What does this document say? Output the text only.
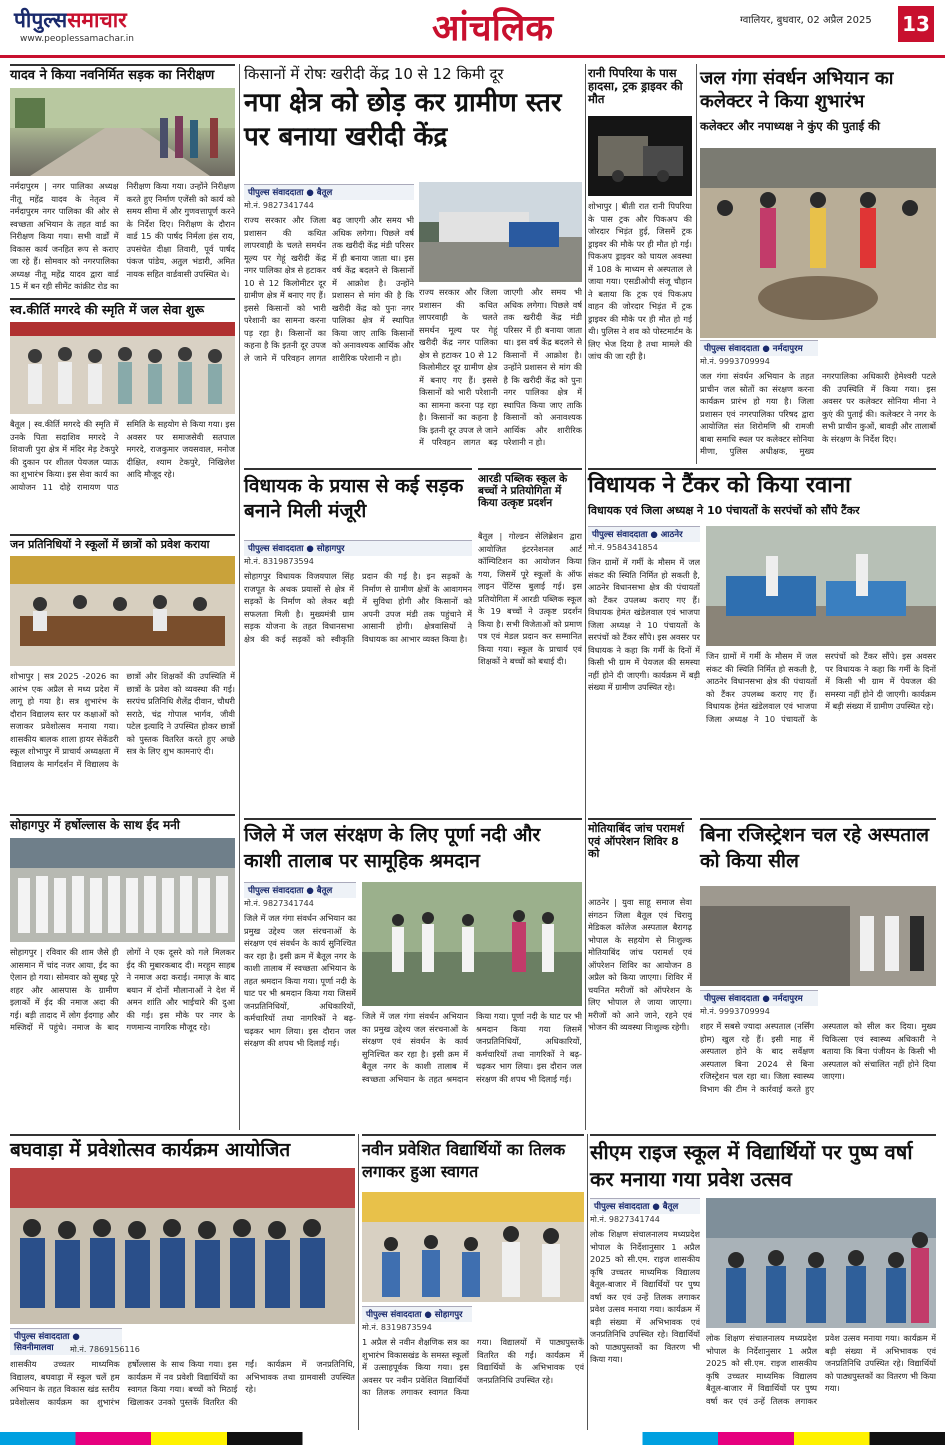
पीपुल्ससमाचार
www.peoplessamachar.in	आंचलिक	ग्वालियर, बुधवार, 02 अप्रैल 2025 13
यादव ने किया नवनिर्मित सड़क का निरीक्षण
नर्मदापुरम | नगर पालिका अध्यक्ष नीतू महेंद्र यादव के नेतृत्व में नर्मदापुरम नगर पालिका की ओर से स्वच्छता अभियान के तहत वार्ड का निरीक्षण किया गया। सभी वार्डों में विकास कार्य जनहित रूप से कराए जा रहे हैं। सोमवार को नगरपालिका अध्यक्ष नीतू महेंद्र यादव द्वारा वार्ड 15 में बन रही सीमेंट कांक्रीट रोड का निरीक्षण किया गया। उन्होंने निरीक्षण करते हुए निर्माण एजेंसी को कार्य को समय सीमा में और गुणवत्तापूर्ण करने के निर्देश दिए। निरीक्षण के दौरान वार्ड 15 की पार्षद निर्मला हंस राय, उपसंचेत दीक्षा तिवारी, पूर्व पार्षद पंकज पांडेय, अतुल भंडारी, अमित नायक सहित वार्डवासी उपस्थित थे।
स्व.कीर्ति मगरदे की स्मृति में जल सेवा शुरू
बैतूल | स्व.कीर्ति मगरदे की स्मृति में उनके पिता सदाशिव मगरदे ने शिवाजी पुरा क्षेत्र में मंदिर मेड़ टेकपुरे की दुकान पर शीतल पेयजल प्याऊ का शुभारंभ किया। इस सेवा कार्य का आयोजन 11 दोहे रामायण पाठ समिति के सहयोग से किया गया। इस अवसर पर समाजसेवी सतपाल मगरदे, राजकुमार जयसवाल, मनोज दीक्षित, श्याम टेकपुरे, निखिलेश आदि मौजूद रहे।
जन प्रतिनिधियों ने स्कूलों में छात्रों को प्रवेश कराया
शोभापुर | सत्र 2025 -2026 का आरंभ एक अप्रैल से मध्य प्रदेश में लागू हो गया है। सत्र शुभारंभ के दौरान विद्यालय स्तर पर कक्षाओं को सजाकर प्रवेशोत्सव मनाया गया। शासकीय बालक शाला हायर सेकेंडरी स्कूल शोभापुर में प्राचार्य अध्यक्षता में विद्यालय के मार्गदर्शन में विद्यालय के छात्रों और शिक्षकों की उपस्थिति में छात्रों के प्रवेश को व्यवस्था की गई। सरपंच प्रतिनिधि शैलेंद्र दीवान, चौधरी सराठे, चंद्र गोपाल भार्गव, जीवी पटेल इत्यादि ने उपस्थित होकर छात्रों को पुस्तक वितरित करते हुए अच्छे सत्र के लिए शुभ कामनाएं दी।
सोहागपुर में हर्षोल्लास के साथ ईद मनी
सोहागपुर | रविवार की शाम जैसे ही आसमान में चांद नजर आया, ईद का ऐलान हो गया। सोमवार को सुबह पूरे शहर और आसपास के ग्रामीण इलाकों में ईद की नमाज अदा की गई। बड़ी तादाद में लोग ईदगाह और मस्जिदों में पहुंचे। नमाज के बाद लोगों ने एक दूसरे को गले मिलकर ईद की मुबारकबाद दी। मरहूम साहब ने नमाज अदा कराई। नमाज़ के बाद बयान में दोनों मौलानाओं ने देश में अमन शांति और भाईचारे की दुआ की गई। इस मौके पर नगर के गणमान्य नागरिक मौजूद रहे।
किसानों में रोषः खरीदी केंद्र 10 से 12 किमी दूर
नपा क्षेत्र को छोड़ कर ग्रामीण स्तर पर बनाया खरीदी केंद्र
पीपुल्स संवाददाता ● बैतूल
मो.नं. 9827341744
राज्य सरकार और जिला प्रशासन की कथित लापरवाही के चलते समर्थन मूल्य पर गेहूं खरीदी केंद्र नगर पालिका क्षेत्र से हटाकर 10 से 12 किलोमीटर दूर ग्रामीण क्षेत्र में बनाए गए हैं। इससे किसानों को भारी परेशानी का सामना करना पड़ रहा है। किसानों का कहना है कि इतनी दूर उपज ले जाने में परिवहन लागत बढ़ जाएगी और समय भी अधिक लगेगा। पिछले वर्ष तक खरीदी केंद्र मंडी परिसर में ही बनाया जाता था। इस वर्ष केंद्र बदलने से किसानों में आक्रोश है। उन्होंने प्रशासन से मांग की है कि खरीदी केंद्र को पुनः नगर पालिका क्षेत्र में स्थापित किया जाए ताकि किसानों को अनावश्यक आर्थिक और शारीरिक परेशानी न हो।
राज्य सरकार और जिला प्रशासन की कथित लापरवाही के चलते समर्थन मूल्य पर गेहूं खरीदी केंद्र नगर पालिका क्षेत्र से हटाकर 10 से 12 किलोमीटर दूर ग्रामीण क्षेत्र में बनाए गए हैं। इससे किसानों को भारी परेशानी का सामना करना पड़ रहा है। किसानों का कहना है कि इतनी दूर उपज ले जाने में परिवहन लागत बढ़ जाएगी और समय भी अधिक लगेगा। पिछले वर्ष तक खरीदी केंद्र मंडी परिसर में ही बनाया जाता था। इस वर्ष केंद्र बदलने से किसानों में आक्रोश है। उन्होंने प्रशासन से मांग की है कि खरीदी केंद्र को पुनः नगर पालिका क्षेत्र में स्थापित किया जाए ताकि किसानों को अनावश्यक आर्थिक और शारीरिक परेशानी न हो।
विधायक के प्रयास से कई सड़क बनाने मिली मंजूरी
पीपुल्स संवाददाता ● सोहागपुर
मो.नं. 8319873594
सोहागपुर विधायक विजयपाल सिंह राजपूत के अथक प्रयासों से क्षेत्र में सड़कों के निर्माण को लेकर बड़ी सफलता मिली है। मुख्यमंत्री ग्राम सड़क योजना के तहत विधानसभा क्षेत्र की कई सड़कों को स्वीकृति प्रदान की गई है। इन सड़कों के निर्माण से ग्रामीण क्षेत्रों के आवागमन में सुविधा होगी और किसानों को अपनी उपज मंडी तक पहुंचाने में आसानी होगी। क्षेत्रवासियों ने विधायक का आभार व्यक्त किया है।
आरडी पब्लिक स्कूल के बच्चों ने प्रतियोगिता में किया उत्कृष्ट प्रदर्शन
बैतूल | गोल्डन सेलिब्रेशन द्वारा आयोजित इंटरनेशनल आर्ट कॉम्पिटिशन का आयोजन किया गया, जिसमें पूरे स्कूलों के ऑफ लाइन पेंटिंग्स बुलाई गई। इस प्रतियोगिता में आरडी पब्लिक स्कूल के 19 बच्चों ने उत्कृष्ट प्रदर्शन किया है। सभी विजेताओं को प्रमाण पत्र एवं मेडल प्रदान कर सम्मानित किया गया। स्कूल के प्राचार्य एवं शिक्षकों ने बच्चों को बधाई दी।
जिले में जल संरक्षण के लिए पूर्णा नदी और काशी तालाब पर सामूहिक श्रमदान
पीपुल्स संवाददाता ● बैतूल
मो.नं. 9827341744
जिले में जल गंगा संवर्धन अभियान का प्रमुख उद्देश्य जल संरचनाओं के संरक्षण एवं संवर्धन के कार्य सुनिश्चित कर रहा है। इसी क्रम में बैतूल नगर के काशी तालाब में स्वच्छता अभियान के तहत श्रमदान किया गया। पूर्णा नदी के घाट पर भी श्रमदान किया गया जिसमें जनप्रतिनिधियों, अधिकारियों, कर्मचारियों तथा नागरिकों ने बढ़-चढ़कर भाग लिया। इस दौरान जल संरक्षण की शपथ भी दिलाई गई।
जिले में जल गंगा संवर्धन अभियान का प्रमुख उद्देश्य जल संरचनाओं के संरक्षण एवं संवर्धन के कार्य सुनिश्चित कर रहा है। इसी क्रम में बैतूल नगर के काशी तालाब में स्वच्छता अभियान के तहत श्रमदान किया गया। पूर्णा नदी के घाट पर भी श्रमदान किया गया जिसमें जनप्रतिनिधियों, अधिकारियों, कर्मचारियों तथा नागरिकों ने बढ़-चढ़कर भाग लिया। इस दौरान जल संरक्षण की शपथ भी दिलाई गई।
रानी पिपरिया के पास हादसा, ट्रक ड्राइवर की मौत
शोभापुर | बीती रात रानी पिपरिया के पास ट्रक और पिकअप की जोरदार भिड़ंत हुई, जिसमें ट्रक ड्राइवर की मौके पर ही मौत हो गई। पिकअप ड्राइवर को घायल अवस्था में 108 के माध्यम से अस्पताल ले जाया गया। एसडीओपी संजू चौहान ने बताया कि ट्रक एवं पिकअप वाहन की जोरदार भिड़ंत में ट्रक ड्राइवर की मौके पर ही मौत हो गई थी। पुलिस ने शव को पोस्टमार्टम के लिए भेज दिया है तथा मामले की जांच की जा रही है।
मोतियाबिंद जांच परामर्श एवं ऑपरेशन शिविर 8 को
आठनेर | युवा साहू समाज सेवा संगठन जिला बैतूल एवं चिरायु मेडिकल कॉलेज अस्पताल बैरागढ़ भोपाल के सहयोग से निःशुल्क मोतियाबिंद जांच परामर्श एवं ऑपरेशन शिविर का आयोजन 8 अप्रैल को किया जाएगा। शिविर में चयनित मरीजों को ऑपरेशन के लिए भोपाल ले जाया जाएगा। मरीजों को आने जाने, रहने एवं भोजन की व्यवस्था निःशुल्क रहेगी।
जल गंगा संवर्धन अभियान का कलेक्टर ने किया शुभारंभ
कलेक्टर और नपाध्यक्ष ने कुंए की पुताई की
पीपुल्स संवाददाता ● नर्मदापुरम
मो.नं. 9993709994
जल गंगा संवर्धन अभियान के तहत प्राचीन जल स्रोतों का संरक्षण करना कार्यक्रम प्रारंभ हो गया है। जिला प्रशासन एवं नगरपालिका परिषद द्वारा आयोजित संत शिरोमणि श्री रामजी बाबा समाधि स्थल पर कलेक्टर सोनिया मीणा, पुलिस अधीक्षक, मुख्य नगरपालिका अधिकारी हेमेश्वरी पटले की उपस्थिति में किया गया। इस अवसर पर कलेक्टर सोनिया मीना ने कुएं की पुताई की। कलेक्टर ने नगर के सभी प्राचीन कुओं, बावड़ी और तालाबों के संरक्षण के निर्देश दिए।
विधायक ने टैंकर को किया रवाना
विधायक एवं जिला अध्यक्ष ने 10 पंचायतों के सरपंचों को सौंपे टैंकर
पीपुल्स संवाददाता ● आठनेर
मो.नं. 9584341854
जिन ग्रामों में गर्मी के मौसम में जल संकट की स्थिति निर्मित हो सकती है, आठनेर विधानसभा क्षेत्र की पंचायतों को टैंकर उपलब्ध कराए गए हैं। विधायक हेमंत खंडेलवाल एवं भाजपा जिला अध्यक्ष ने 10 पंचायतों के सरपंचों को टैंकर सौंपे। इस अवसर पर विधायक ने कहा कि गर्मी के दिनों में किसी भी ग्राम में पेयजल की समस्या नहीं होने दी जाएगी। कार्यक्रम में बड़ी संख्या में ग्रामीण उपस्थित रहे।
जिन ग्रामों में गर्मी के मौसम में जल संकट की स्थिति निर्मित हो सकती है, आठनेर विधानसभा क्षेत्र की पंचायतों को टैंकर उपलब्ध कराए गए हैं। विधायक हेमंत खंडेलवाल एवं भाजपा जिला अध्यक्ष ने 10 पंचायतों के सरपंचों को टैंकर सौंपे। इस अवसर पर विधायक ने कहा कि गर्मी के दिनों में किसी भी ग्राम में पेयजल की समस्या नहीं होने दी जाएगी। कार्यक्रम में बड़ी संख्या में ग्रामीण उपस्थित रहे।
बिना रजिस्ट्रेशन चल रहे अस्पताल को किया सील
पीपुल्स संवाददाता ● नर्मदापुरम
मो.नं. 9993709994
शहर में सबसे ज्यादा अस्पताल (नर्सिंग होम) खुल रहे हैं। इसी माह में अस्पताल होने के बाद सर्वेक्षण अस्पताल बिना 2024 से बिना रजिस्ट्रेशन चल रहा था। जिला स्वास्थ्य विभाग की टीम ने कार्रवाई करते हुए अस्पताल को सील कर दिया। मुख्य चिकित्सा एवं स्वास्थ्य अधिकारी ने बताया कि बिना पंजीयन के किसी भी अस्पताल को संचालित नहीं होने दिया जाएगा।
बघवाड़ा में प्रवेशोत्सव कार्यक्रम आयोजित
पीपुल्स संवाददाता ● सिवनीमालवा	मो.नं. 7869156116
शासकीय उच्चतर माध्यमिक विद्यालय, बघवाड़ा में स्कूल चलें हम अभियान के तहत विकास खंड स्तरीय प्रवेशोत्सव कार्यक्रम का शुभारंभ हर्षोल्लास के साथ किया गया। इस कार्यक्रम में नव प्रवेशी विद्यार्थियों का स्वागत किया गया। बच्चों को मिठाई खिलाकर उनको पुस्तकें वितरित की गईं। कार्यक्रम में जनप्रतिनिधि, अभिभावक तथा ग्रामवासी उपस्थित रहे।
नवीन प्रवेशित विद्यार्थियों का तिलक लगाकर हुआ स्वागत
पीपुल्स संवाददाता ● सोहागपुर
मो.नं. 8319873594
1 अप्रैल से नवीन शैक्षणिक सत्र का शुभारंभ विकासखंड के समस्त स्कूलों में उत्साहपूर्वक किया गया। इस अवसर पर नवीन प्रवेशित विद्यार्थियों का तिलक लगाकर स्वागत किया गया। विद्यालयों में पाठ्यपुस्तकें वितरित की गईं। कार्यक्रम में विद्यार्थियों के अभिभावक एवं जनप्रतिनिधि उपस्थित रहे।
सीएम राइज स्कूल में विद्यार्थियों पर पुष्प वर्षा कर मनाया गया प्रवेश उत्सव
पीपुल्स संवाददाता ● बैतूल
मो.नं. 9827341744
लोक शिक्षण संचालनालय मध्यप्रदेश भोपाल के निर्देशानुसार 1 अप्रैल 2025 को सी.एम. राइज शासकीय कृषि उच्चतर माध्यमिक विद्यालय बैतूल-बाजार में विद्यार्थियों पर पुष्प वर्षा कर एवं उन्हें तिलक लगाकर प्रवेश उत्सव मनाया गया। कार्यक्रम में बड़ी संख्या में अभिभावक एवं जनप्रतिनिधि उपस्थित रहे। विद्यार्थियों को पाठ्यपुस्तकों का वितरण भी किया गया।
लोक शिक्षण संचालनालय मध्यप्रदेश भोपाल के निर्देशानुसार 1 अप्रैल 2025 को सी.एम. राइज शासकीय कृषि उच्चतर माध्यमिक विद्यालय बैतूल-बाजार में विद्यार्थियों पर पुष्प वर्षा कर एवं उन्हें तिलक लगाकर प्रवेश उत्सव मनाया गया। कार्यक्रम में बड़ी संख्या में अभिभावक एवं जनप्रतिनिधि उपस्थित रहे। विद्यार्थियों को पाठ्यपुस्तकों का वितरण भी किया गया।
